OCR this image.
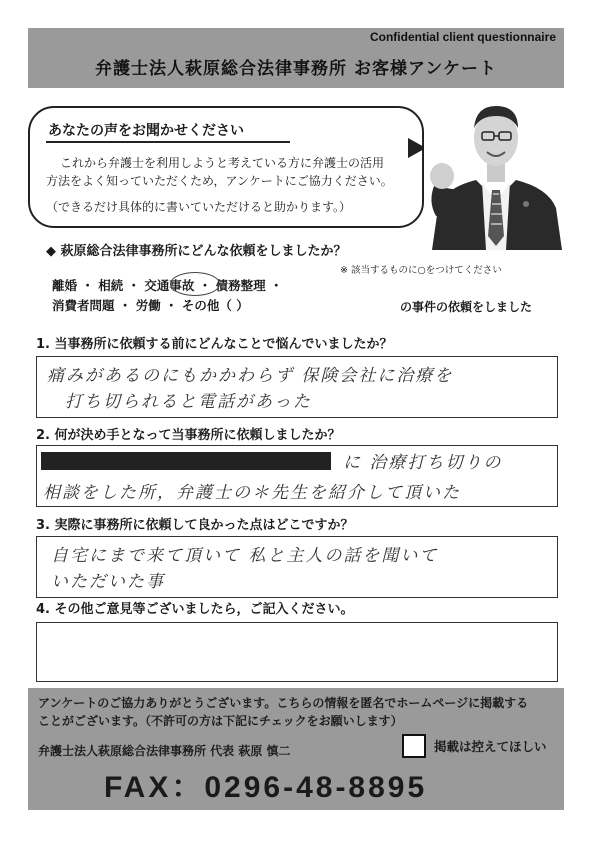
Confidential client questionnaire
弁護士法人萩原総合法律事務所 お客様アンケート
あなたの声をお聞かせください
これから弁護士を利用しようと考えている方に弁護士の活用
方法をよく知っていただくため，アンケートにご協力ください。
（できるだけ具体的に書いていただけると助かります。）
◆ 萩原総合法律事務所にどんな依頼をしましたか？
※ 該当するものに○をつけてください
離婚 ・ 相続 ・ 交通事故 ・ 債務整理 ・
消費者問題 ・ 労働 ・ その他（ ）	の事件の依頼をしました
1. 当事務所に依頼する前にどんなことで悩んでいましたか？
痛みがあるのにもかかわらず 保険会社に治療を
打ち切られると電話があった
2. 何が決め手となって当事務所に依頼しましたか？
に 治療打ち切りの
相談をした所，弁護士の＊先生を紹介して頂いた
3. 実際に事務所に依頼して良かった点はどこですか？
自宅にまで来て頂いて 私と主人の話を聞いて
いただいた事
4. その他ご意見等ございましたら，ご記入ください。
アンケートのご協力ありがとうございます。こちらの情報を匿名でホームページに掲載する
ことがございます。（不許可の方は下記にチェックをお願いします）
弁護士法人萩原総合法律事務所 代表 萩原 慎二	掲載は控えてほしい
FAX：0296-48-8895
